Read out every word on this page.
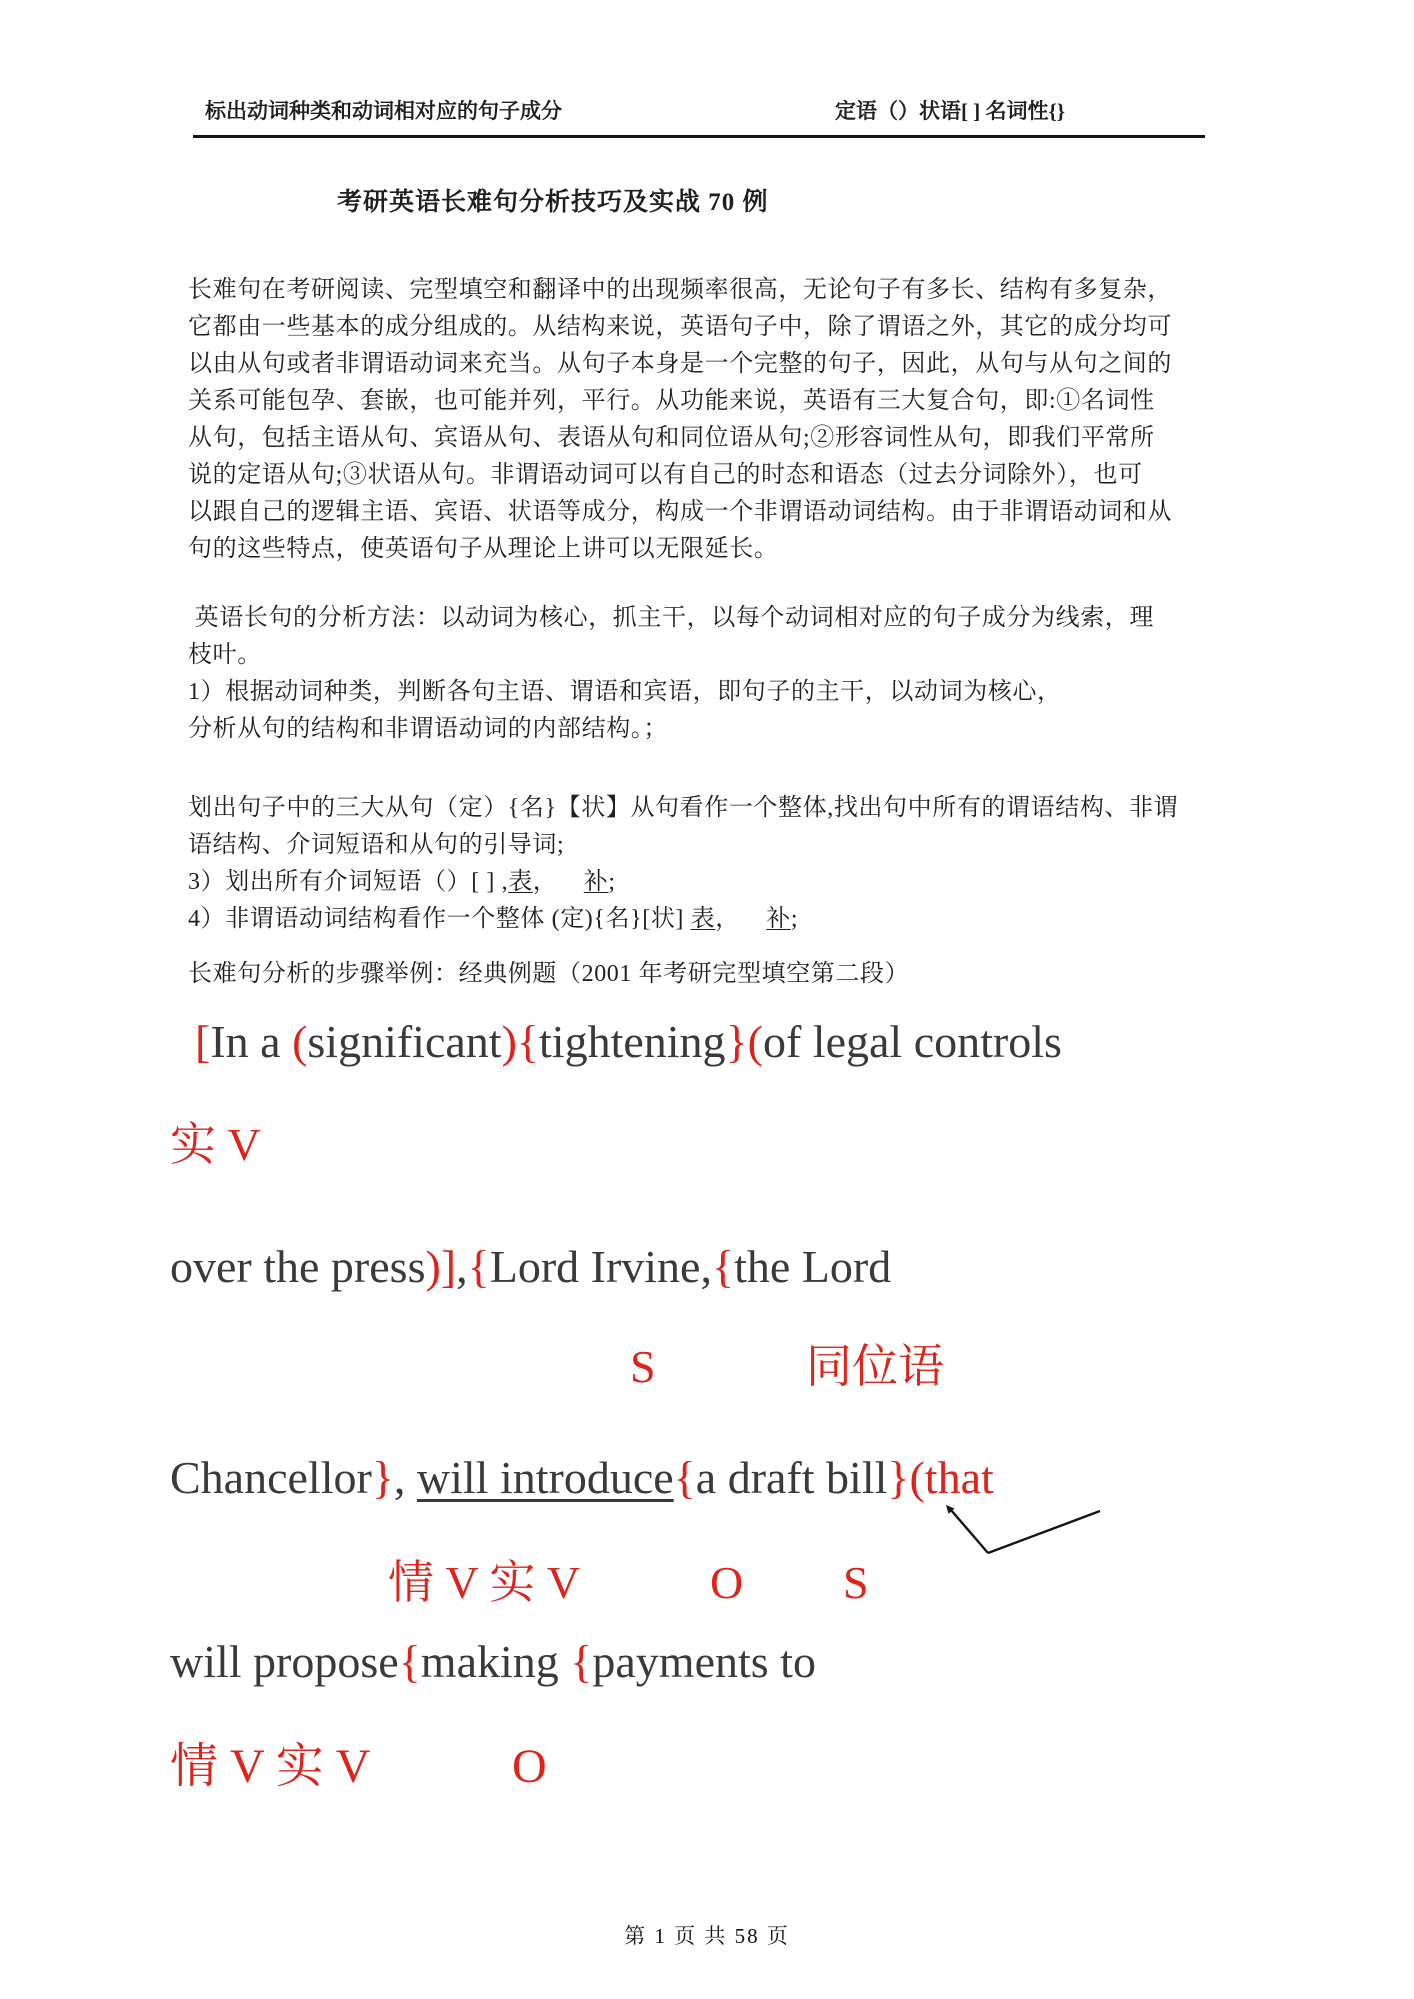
标出动词种类和动词相对应的句子成分	定语（）状语[ ] 名词性{}
考研英语长难句分析技巧及实战 70 例
长难句在考研阅读、完型填空和翻译中的出现频率很高，无论句子有多长、结构有多复杂，
它都由一些基本的成分组成的。从结构来说，英语句子中，除了谓语之外，其它的成分均可
以由从句或者非谓语动词来充当。从句子本身是一个完整的句子，因此，从句与从句之间的
关系可能包孕、套嵌，也可能并列，平行。从功能来说，英语有三大复合句，即:①名词性
从句，包括主语从句、宾语从句、表语从句和同位语从句;②形容词性从句，即我们平常所
说的定语从句;③状语从句。非谓语动词可以有自己的时态和语态（过去分词除外），也可
以跟自己的逻辑主语、宾语、状语等成分，构成一个非谓语动词结构。由于非谓语动词和从
句的这些特点，使英语句子从理论上讲可以无限延长。
英语长句的分析方法：以动词为核心，抓主干，以每个动词相对应的句子成分为线索，理
枝叶。
1）根据动词种类，判断各句主语、谓语和宾语，即句子的主干，以动词为核心，
分析从句的结构和非谓语动词的内部结构。；
划出句子中的三大从句（定）{名}【状】从句看作一个整体,找出句中所有的谓语结构、非谓
语结构、介词短语和从句的引导词;
3）划出所有介词短语（）[ ] ,表，    补;
4）非谓语动词结构看作一个整体 (定){名}[状] 表，    补;
长难句分析的步骤举例：经典例题（2001 年考研完型填空第二段）
[In a (significant){tightening}(of legal controls
实 V
over the press)],{Lord Irvine,{the Lord
S	同位语
Chancellor}, will introduce{a draft bill}(that
情 V 实 V	O S
will propose{making {payments to
情 V 实 V	O
第 1 页 共 58 页
